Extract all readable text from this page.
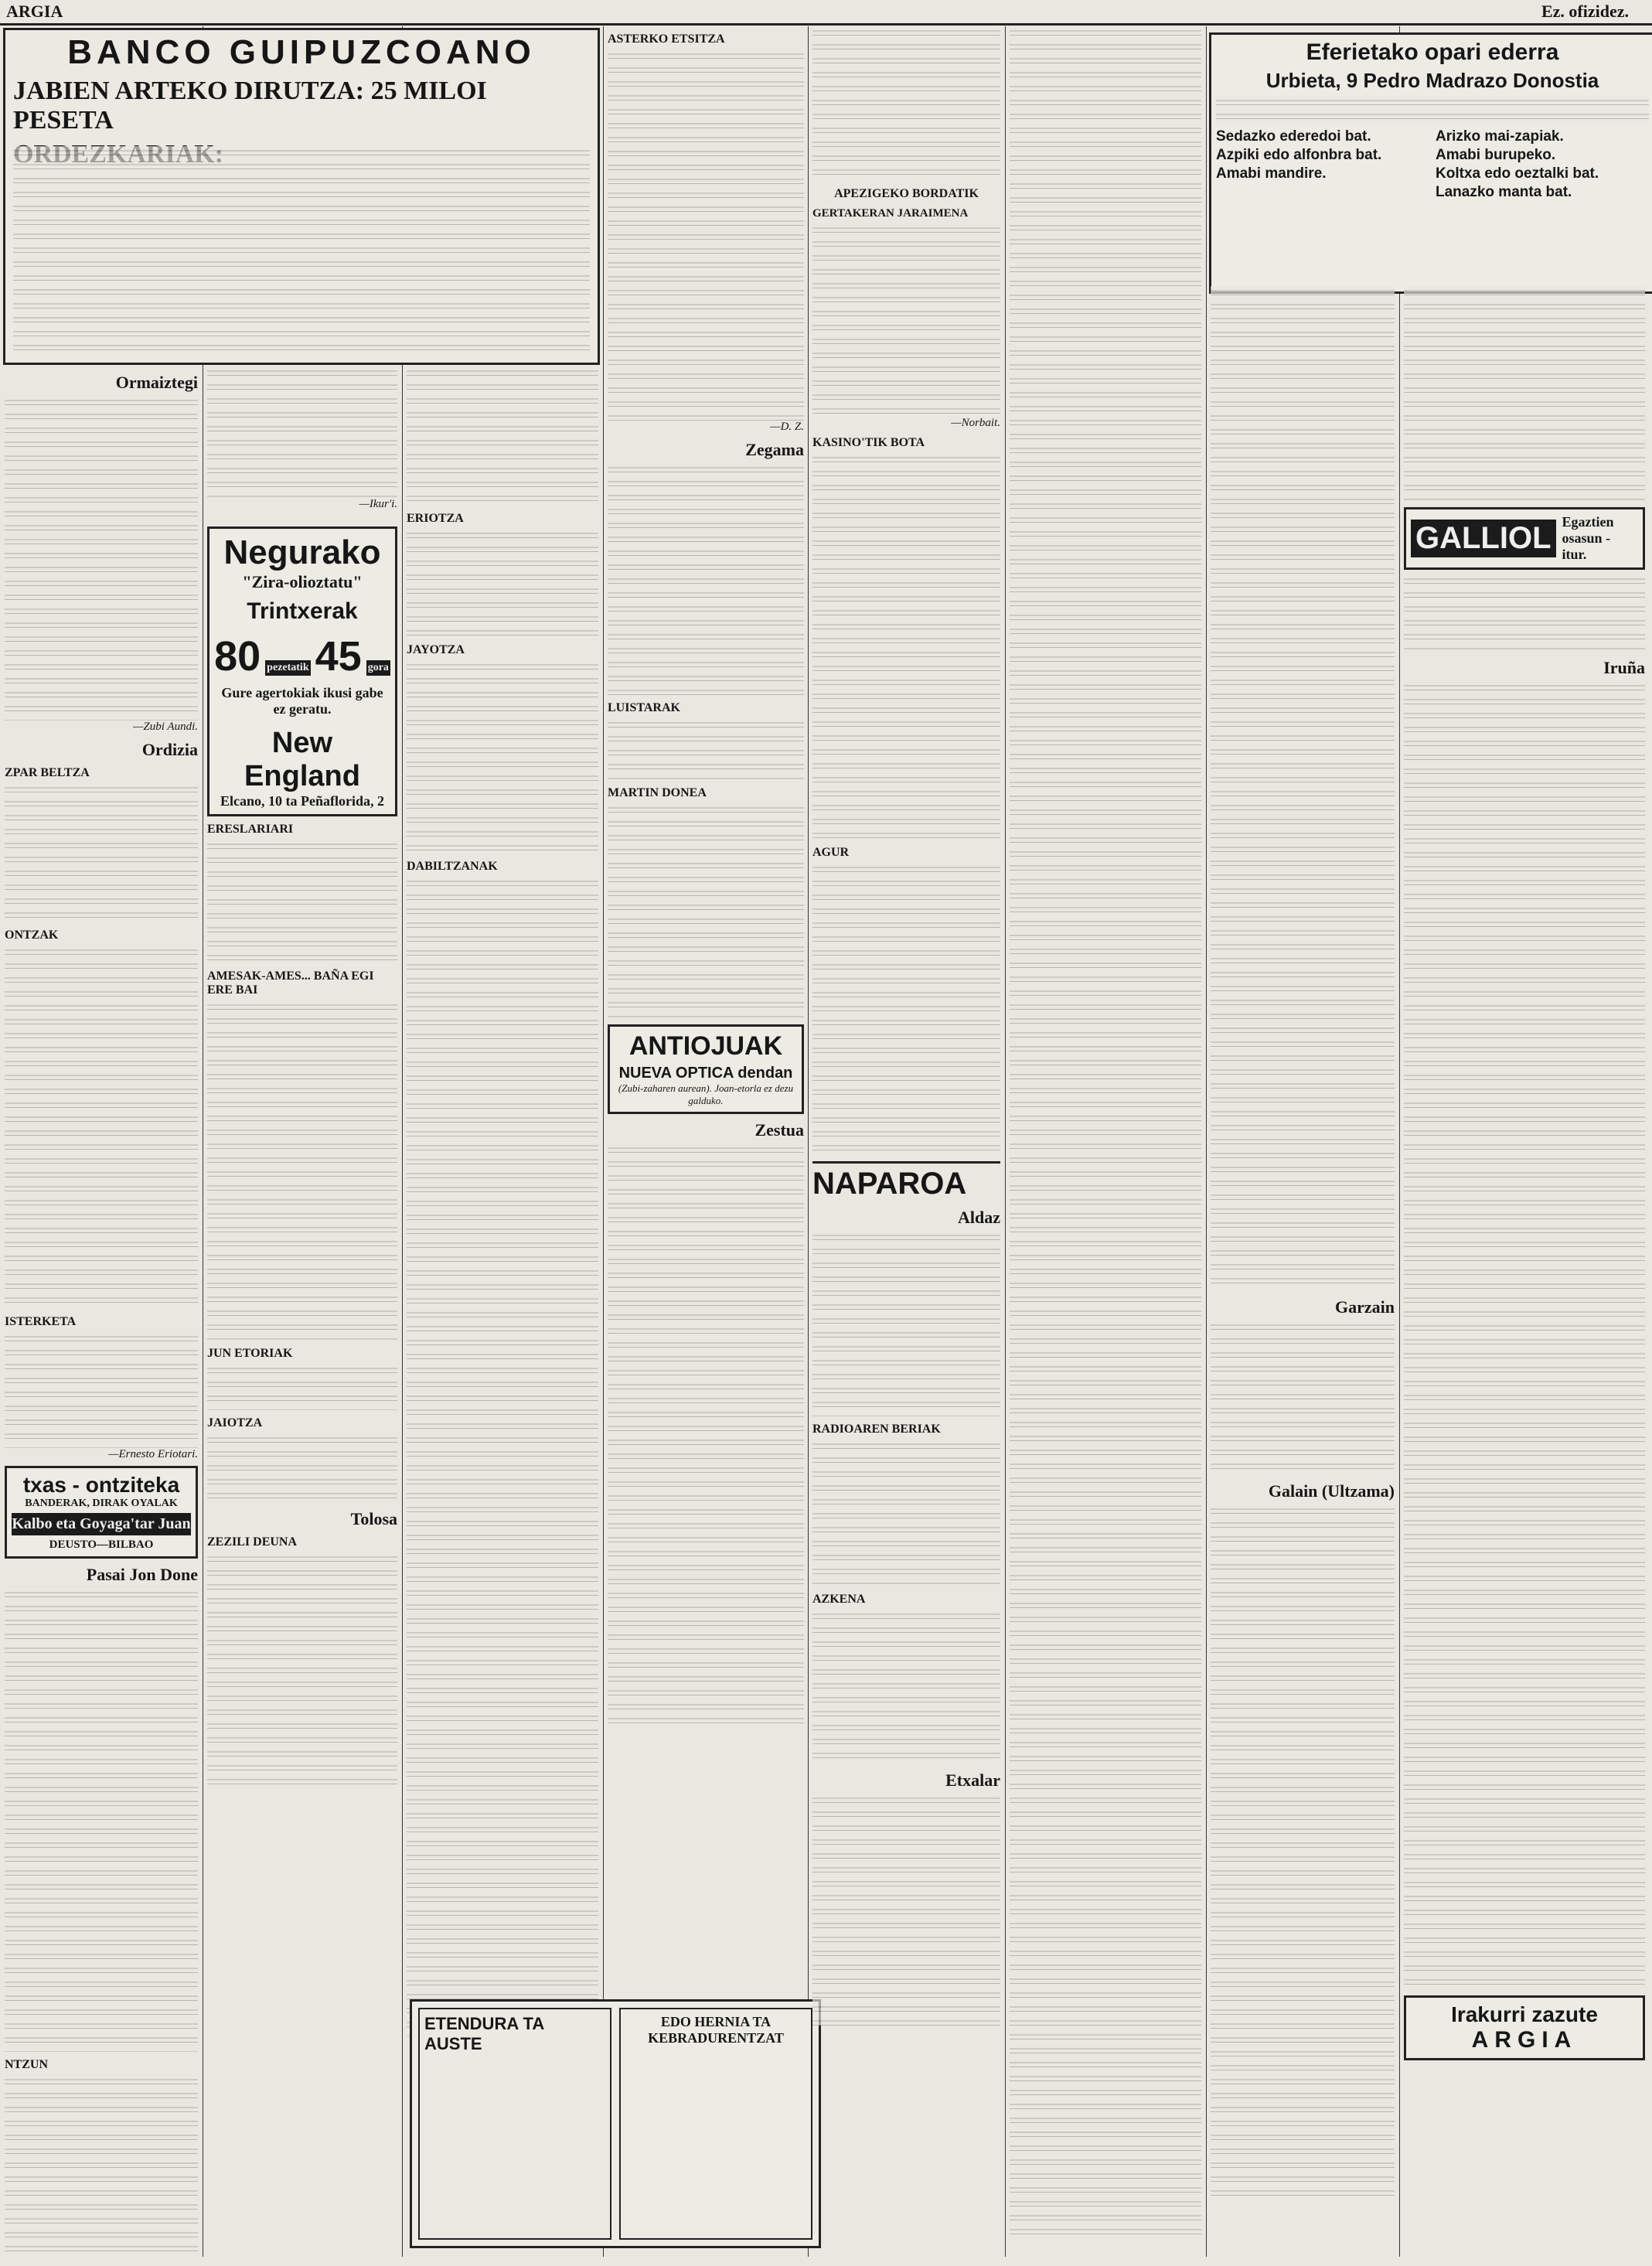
ARGIA	Ez. ofizidez.
BANCO GUIPUZCOANO
JABIEN ARTEKO DIRUTZA: 25 MILOI PESETA
Ormaiztegi
—Zubi Aundi.
Ordizia
ZPAR BELTZA
ONTZAK
ISTERKETA
—Ernesto Eriotari.
txas - ontziteka
BANDERAK, DIRAK OYALAK
Kalbo eta Goyaga'tar Juan
DEUSTO—BILBAO
Pasai Jon Done
NTZUN
—Ikur'i.
Negurako
"Zira-olioztatu"
Trintxerak
80 pezetatik 45 gora
Gure agertokiak ikusi gabe ez geratu.
New England
Elcano, 10 ta Peñaflorida, 2
ERESLARIARI
AMESAK-AMES... BAÑA EGI ERE BAI
JUN ETORIAK
JAIOTZA
Tolosa
ZEZILI DEUNA
ERIOTZA
JAYOTZA
DABILTZANAK
ASTERKO ETSITZA
—D. Z.
Zegama
LUISTARAK
MARTIN DONEA
ANTIOJUAK
NUEVA OPTICA dendan
(Zubi-zaharen aurean). Joan-etorla ez dezu galduko.
Zestua
ETENDURA TA AUSTE
EDO HERNIA TA KEBRADURENTZAT
APEZIGEKO BORDATIK
GERTAKERAN JARAIMENA
—Norbait.
KASINO'TIK BOTA
AGUR
NAPAROA
Aldaz
RADIOAREN BERIAK
AZKENA
Etxalar
Eferietako opari ederra
Urbieta, 9 Pedro Madrazo Donostia
Sedazko ederedoi bat.	Arizko mai-zapiak.
Azpiki edo alfonbra bat.	Amabi burupeko.
Amabi mandire.	Koltxa edo oeztalki bat.
Lanazko manta bat.
Garzain
Galain (Ultzama)
GALLIOL Egaztien osasun - itur.
Iruña
Irakurri zazute
ARGIA
